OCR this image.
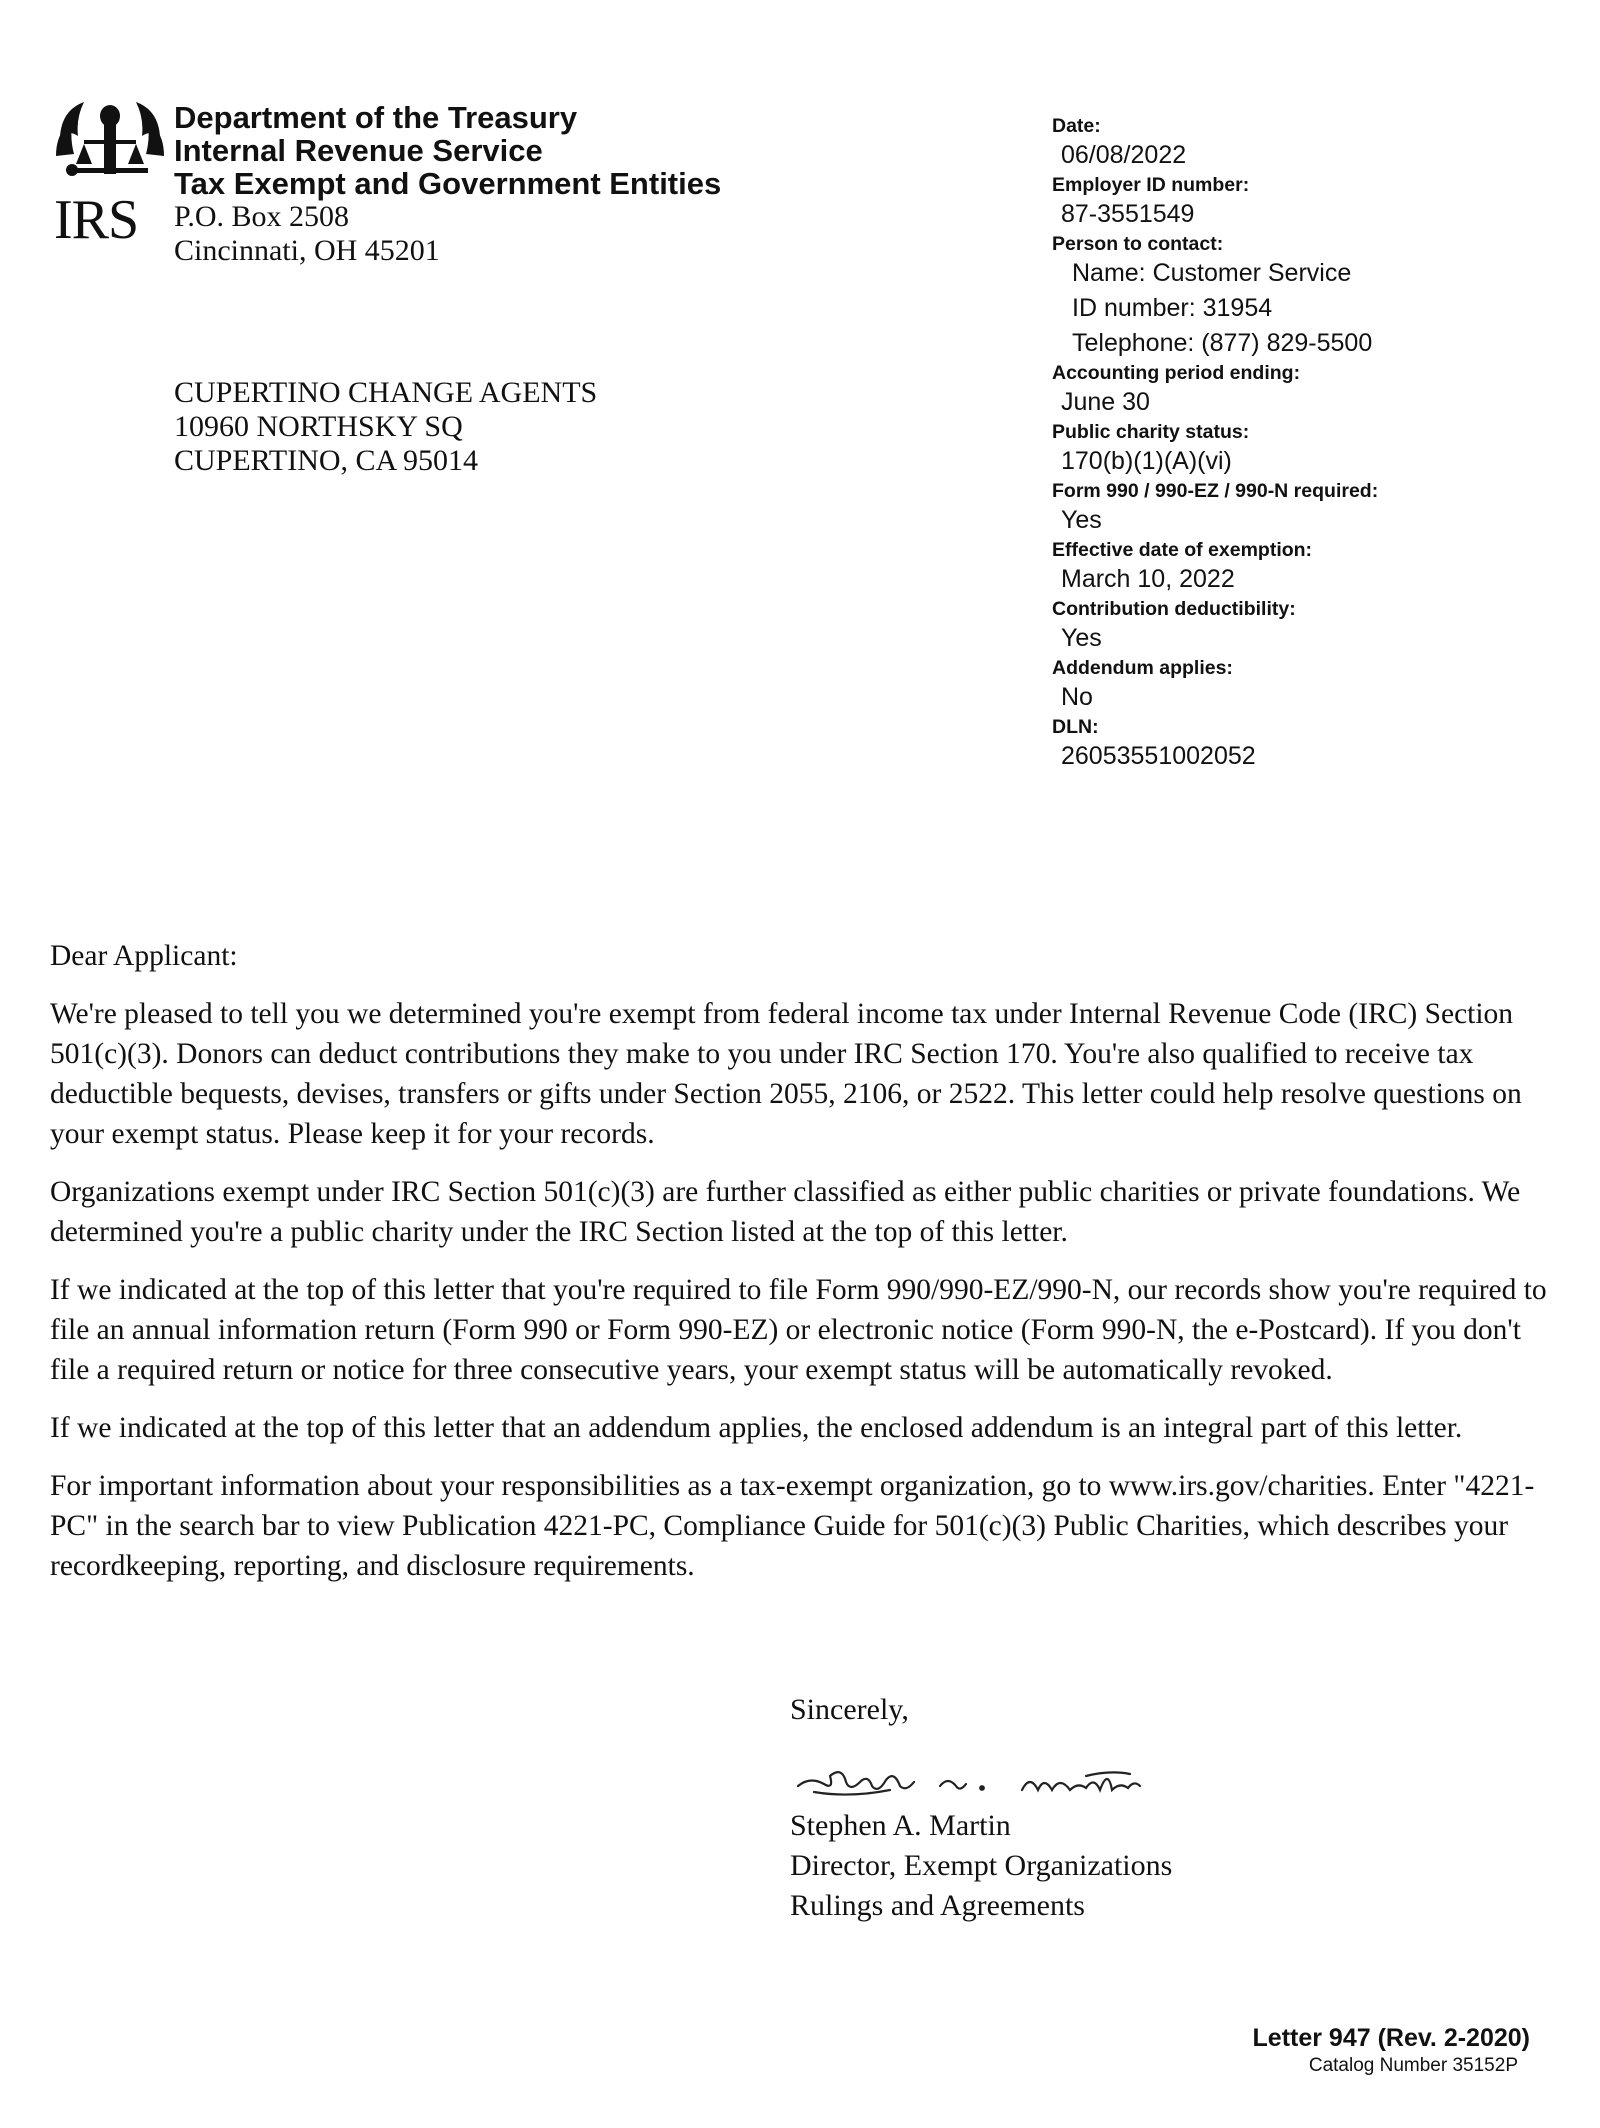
IRS
Department of the Treasury
Internal Revenue Service
Tax Exempt and Government Entities
P.O. Box 2508
Cincinnati, OH 45201
CUPERTINO CHANGE AGENTS
10960 NORTHSKY SQ
CUPERTINO, CA 95014
Date:
06/08/2022
Employer ID number:
87-3551549
Person to contact:
Name: Customer Service
ID number: 31954
Telephone: (877) 829-5500
Accounting period ending:
June 30
Public charity status:
170(b)(1)(A)(vi)
Form 990 / 990-EZ / 990-N required:
Yes
Effective date of exemption:
March 10, 2022
Contribution deductibility:
Yes
Addendum applies:
No
DLN:
26053551002052

Dear Applicant:

We're pleased to tell you we determined you're exempt from federal income tax under Internal Revenue Code (IRC) Section 501(c)(3). Donors can deduct contributions they make to you under IRC Section 170. You're also qualified to receive tax deductible bequests, devises, transfers or gifts under Section 2055, 2106, or 2522. This letter could help resolve questions on your exempt status. Please keep it for your records.

Organizations exempt under IRC Section 501(c)(3) are further classified as either public charities or private foundations. We determined you're a public charity under the IRC Section listed at the top of this letter.

If we indicated at the top of this letter that you're required to file Form 990/990-EZ/990-N, our records show you're required to file an annual information return (Form 990 or Form 990-EZ) or electronic notice (Form 990-N, the e-Postcard). If you don't file a required return or notice for three consecutive years, your exempt status will be automatically revoked.

If we indicated at the top of this letter that an addendum applies, the enclosed addendum is an integral part of this letter.

For important information about your responsibilities as a tax-exempt organization, go to www.irs.gov/charities. Enter "4221-PC" in the search bar to view Publication 4221-PC, Compliance Guide for 501(c)(3) Public Charities, which describes your recordkeeping, reporting, and disclosure requirements.

Sincerely,
Stephen A. Martin
Director, Exempt Organizations
Rulings and Agreements
Letter 947 (Rev. 2-2020)
Catalog Number 35152P
